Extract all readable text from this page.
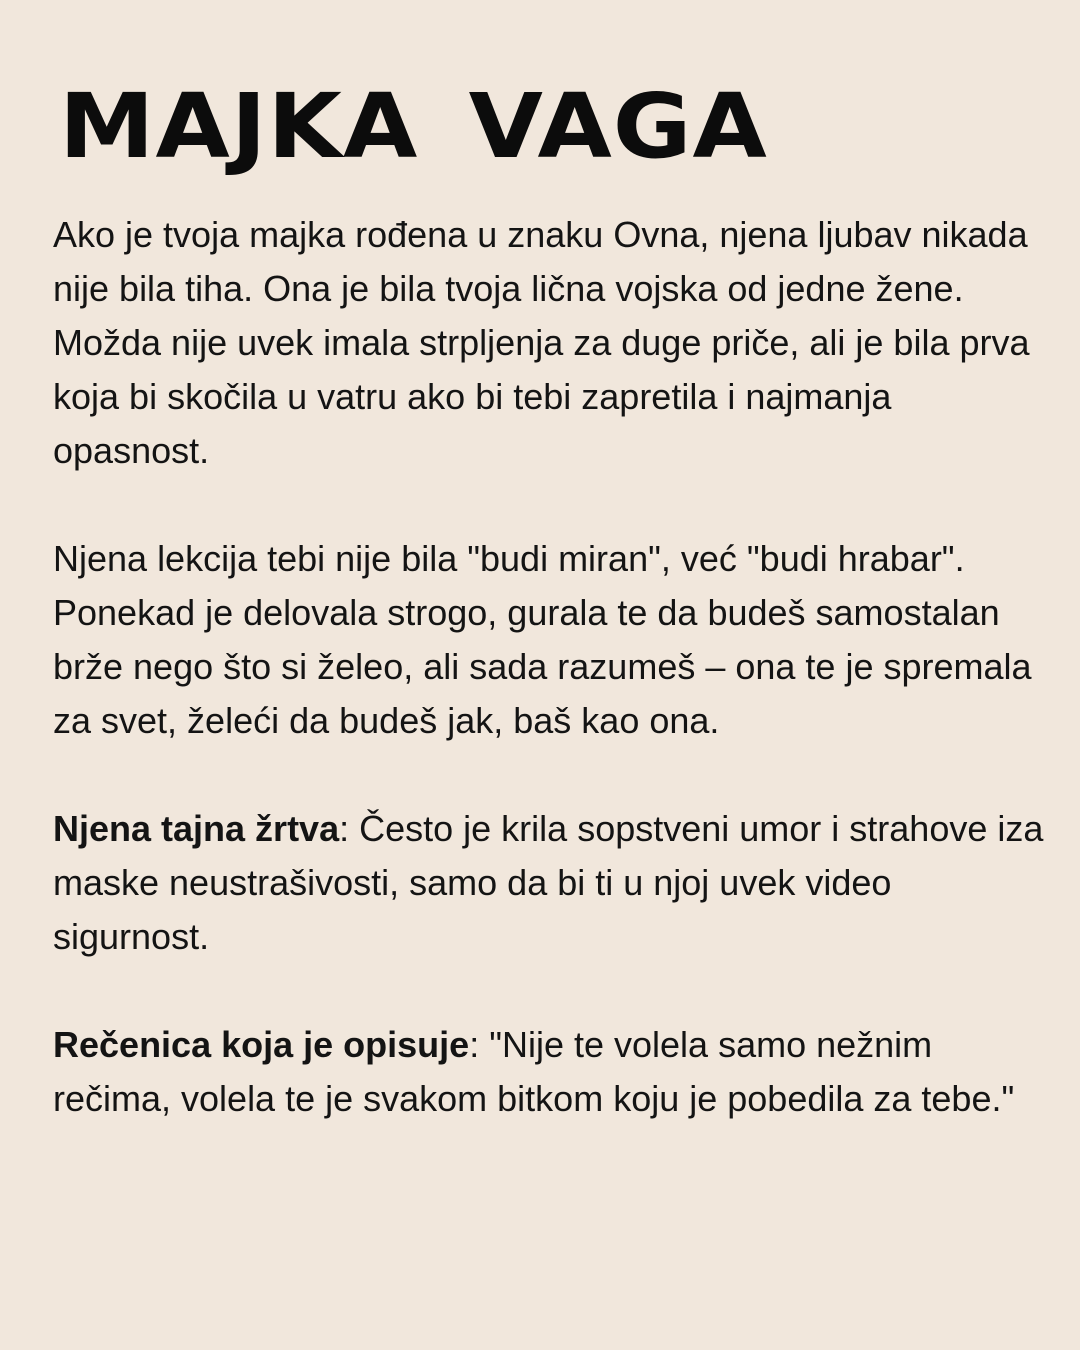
MAJKA VAGA

Ako je tvoja majka rođena u znaku Ovna, njena ljubav nikada nije bila tiha. Ona je bila tvoja lična vojska od jedne žene. Možda nije uvek imala strpljenja za duge priče, ali je bila prva koja bi skočila u vatru ako bi tebi zapretila i najmanja opasnost.

Njena lekcija tebi nije bila "budi miran", već "budi hrabar". Ponekad je delovala strogo, gurala te da budeš samostalan brže nego što si želeo, ali sada razumeš – ona te je spremala za svet, želeći da budeš jak, baš kao ona.

Njena tajna žrtva: Često je krila sopstveni umor i strahove iza maske neustrašivosti, samo da bi ti u njoj uvek video sigurnost.

Rečenica koja je opisuje: "Nije te volela samo nežnim rečima, volela te je svakom bitkom koju je pobedila za tebe."
